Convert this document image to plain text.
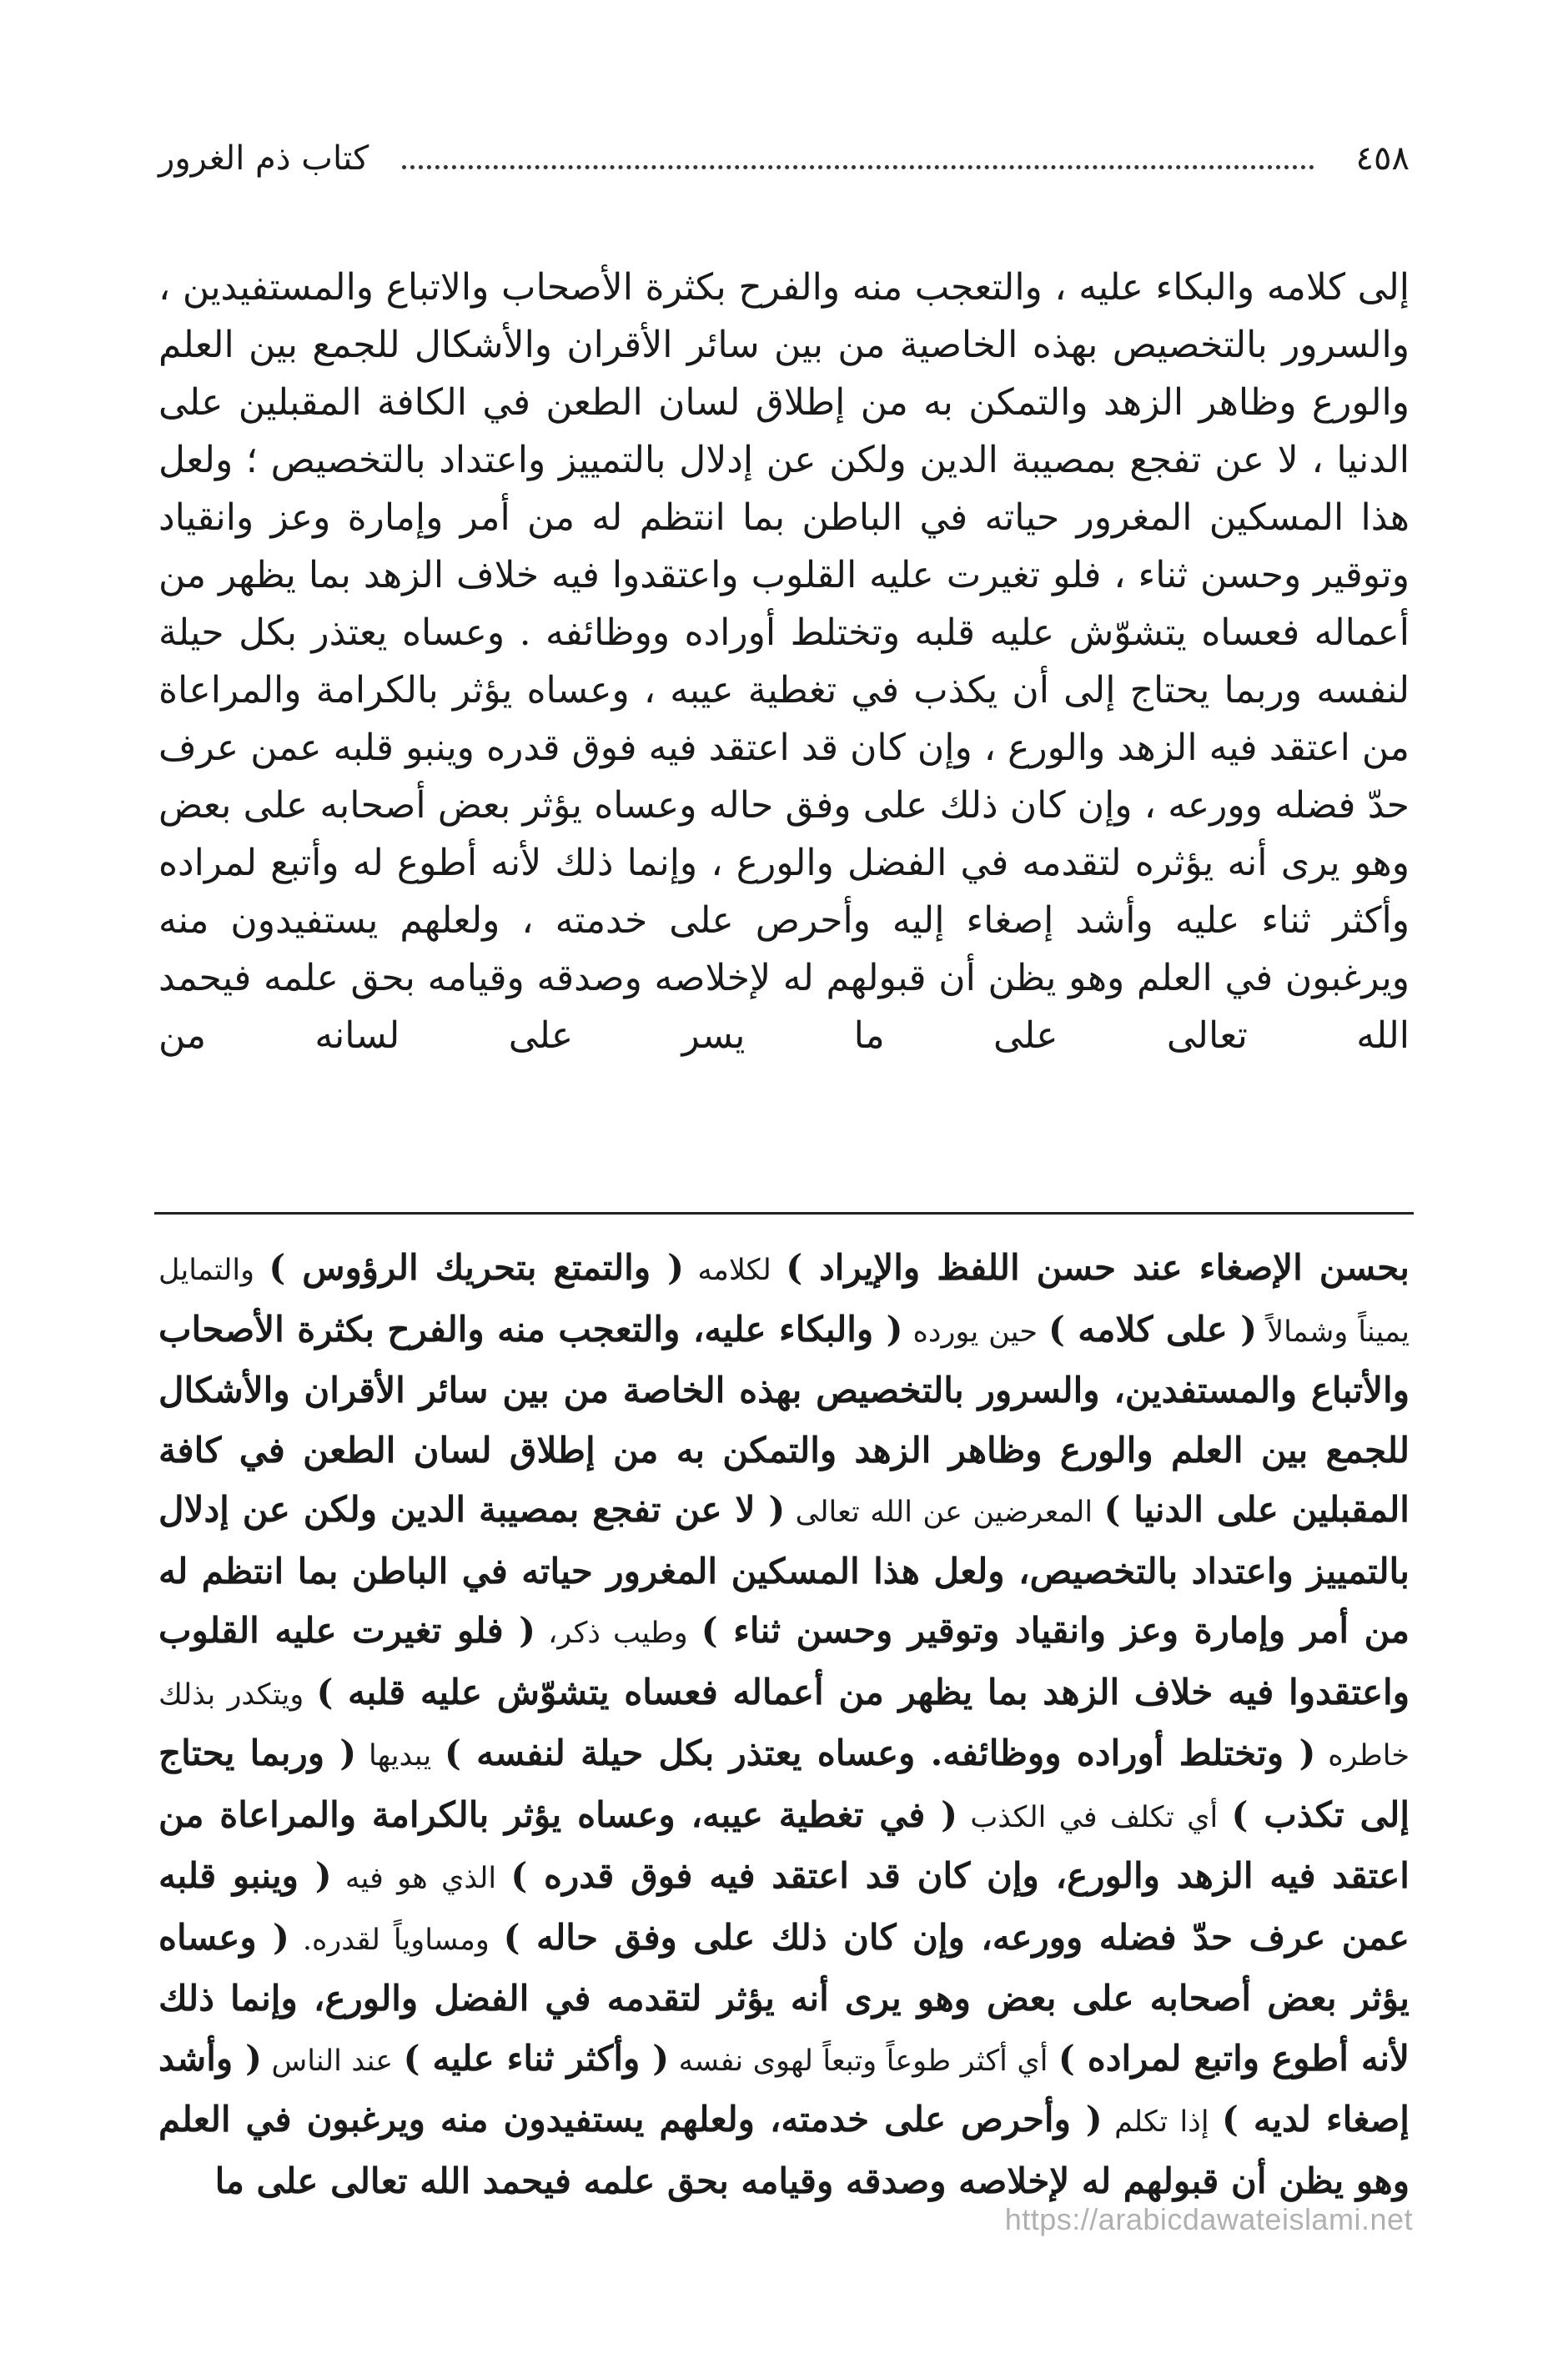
٤٥٨
كتاب ذم الغرور

إلى كلامه والبكاء عليه ، والتعجب منه والفرح بكثرة الأصحاب والاتباع والمستفيدين ، والسرور بالتخصيص بهذه الخاصية من بين سائر الأقران والأشكال للجمع بين العلم والورع وظاهر الزهد والتمكن به من إطلاق لسان الطعن في الكافة المقبلين على الدنيا ، لا عن تفجع بمصيبة الدين ولكن عن إدلال بالتمييز واعتداد بالتخصيص ؛ ولعل هذا المسكين المغرور حياته في الباطن بما انتظم له من أمر وإمارة وعز وانقياد وتوقير وحسن ثناء ، فلو تغيرت عليه القلوب واعتقدوا فيه خلاف الزهد بما يظهر من أعماله فعساه يتشوّش عليه قلبه وتختلط أوراده ووظائفه . وعساه يعتذر بكل حيلة لنفسه وربما يحتاج إلى أن يكذب في تغطية عيبه ، وعساه يؤثر بالكرامة والمراعاة من اعتقد فيه الزهد والورع ، وإن كان قد اعتقد فيه فوق قدره وينبو قلبه عمن عرف حدّ فضله وورعه ، وإن كان ذلك على وفق حاله وعساه يؤثر بعض أصحابه على بعض وهو يرى أنه يؤثره لتقدمه في الفضل والورع ، وإنما ذلك لأنه أطوع له وأتبع لمراده وأكثر ثناء عليه وأشد إصغاء إليه وأحرص على خدمته ، ولعلهم يستفيدون منه ويرغبون في العلم وهو يظن أن قبولهم له لإخلاصه وصدقه وقيامه بحق علمه فيحمد الله تعالى على ما يسر على لسانه من

بحسن الإصغاء عند حسن اللفظ والإيراد ) لكلامه ( والتمتع بتحريك الرؤوس ) والتمايل يميناً وشمالاً ( على كلامه ) حين يورده ( والبكاء عليه، والتعجب منه والفرح بكثرة الأصحاب والأتباع والمستفدين، والسرور بالتخصيص بهذه الخاصة من بين سائر الأقران والأشكال للجمع بين العلم والورع وظاهر الزهد والتمكن به من إطلاق لسان الطعن في كافة المقبلين على الدنيا ) المعرضين عن الله تعالى ( لا عن تفجع بمصيبة الدين ولكن عن إدلال بالتمييز واعتداد بالتخصيص، ولعل هذا المسكين المغرور حياته في الباطن بما انتظم له من أمر وإمارة وعز وانقياد وتوقير وحسن ثناء ) وطيب ذكر، ( فلو تغيرت عليه القلوب واعتقدوا فيه خلاف الزهد بما يظهر من أعماله فعساه يتشوّش عليه قلبه ) ويتكدر بذلك خاطره ( وتختلط أوراده ووظائفه. وعساه يعتذر بكل حيلة لنفسه ) يبديها ( وربما يحتاج إلى تكذب ) أي تكلف في الكذب ( في تغطية عيبه، وعساه يؤثر بالكرامة والمراعاة من اعتقد فيه الزهد والورع، وإن كان قد اعتقد فيه فوق قدره ) الذي هو فيه ( وينبو قلبه عمن عرف حدّ فضله وورعه، وإن كان ذلك على وفق حاله ) ومساوياً لقدره. ( وعساه يؤثر بعض أصحابه على بعض وهو يرى أنه يؤثر لتقدمه في الفضل والورع، وإنما ذلك لأنه أطوع واتبع لمراده ) أي أكثر طوعاً وتبعاً لهوى نفسه ( وأكثر ثناء عليه ) عند الناس ( وأشد إصغاء لديه ) إذا تكلم ( وأحرص على خدمته، ولعلهم يستفيدون منه ويرغبون في العلم وهو يظن أن قبولهم له لإخلاصه وصدقه وقيامه بحق علمه فيحمد الله تعالى على ما

https://arabicdawateislami.net
